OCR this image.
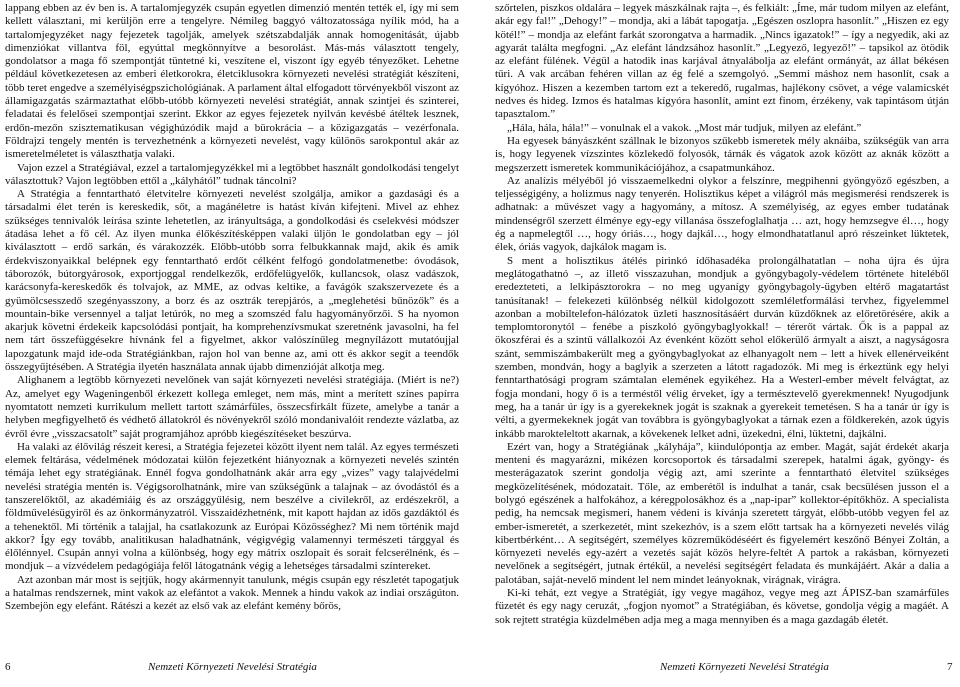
lappang ebben az év ben is. A tartalomjegyzék csupán egyetlen dimenzió mentén tették el, így mi sem kellett választani, mi kerüljön erre a tengelyre. Némileg baggyó változatossága nyílik mód, ha a tartalomjegyzéket nagy fejezetek tagolják, amelyek szétszabdalják annak homogenitását, újabb dimenziókat villantva föl, egyúttal megkönnyítve a besorolást. Más-más választott tengely, gondolatsor a maga fő szempontját tüntetné ki, veszítene el, viszont így egyéb tényezőket. Lehetne például következetesen az emberi életkorokra, életciklusokra környezeti nevelési stratégiát készíteni, több teret engedve a személyiségpszichológiának. A parlament által elfogadott törvényekből viszont az államigazgatás származtathat előbb-utóbb környezeti nevelési stratégiát, annak szintjei és szinterei, feladatai és felelősei szempontjai szerint. Ekkor az egyes fejezetek nyilván kevésbé átéltek lesznek, erdőn-mezőn szisztematikusan végighúzódik majd a bürokrácia – a közigazgatás – vezérfonala. Földrajzi tengely mentén is tervezhetnénk a környezeti nevelést, vagy különös sarokpontul akár az ismeretelméletet is választhatja valaki.

Vajon ezzel a Stratégiával, ezzel a tartalomjegyzékkel mi a legtöbbet használt gondolkodási tengelyt választottuk? Vajon legtöbben ettől a „kályhától” tudnak táncolni?

A Stratégia a fenntartható életvitelre környezeti nevelést szolgálja, amikor a gazdasági és a társadalmi élet terén is kereskedik, sőt, a magánéletre is hatást kíván kifejteni. Mivel az ehhez szükséges tennivalók leírása szinte lehetetlen, az irányultsága, a gondolkodási és cselekvési módszer átadása lehet a fő cél. Az ilyen munka élőkészítésképpen valaki üljön le gondolatban egy – jól kiválasztott – erdő sarkán, és várakozzék. Előbb-utóbb sorra felbukkannak majd, akik és amik érdekviszonyaikkal belépnek egy fenntartható erdőt célként felfogó gondolatmenetbe: óvodások, táborozók, bútorgyárosok, exportjoggal rendelkezők, erdőfelügyelők, kullancsok, olasz vadászok, karácsonyfa-kereskedők és tolvajok, az MME, az odvas keltike, a favágók szakszervezete és a gyümölcsesszedő szegényasszony, a borz és az osztrák terepjárós, a „meglehetési bűnözők” és a mountain-bike versennyel a taljat letúrók, no meg a szomszéd falu hagyományőrzői. S ha nyomon akarjuk követni érdekeik kapcsolódási pontjait, ha komprehenzívsmukat szeretnénk javasolni, ha fel nem tárt összefüggésekre hívnánk fel a figyelmet, akkor valószínűleg megnyílázott mutatóujjal lapozgatunk majd ide-oda Stratégiánkban, rajon hol van benne az, ami ott és akkor segít a teendők összegyűjtésében. A Stratégia ilyetén használata annak újabb dimenzióját alkotja meg.

Alighanem a legtöbb környezeti nevelőnek van saját környezeti nevelési stratégiája. (Miért is ne?) Az, amelyet egy Wageningenből érkezett kollega emleget, nem más, mint a merített színes papírra nyomtatott nemzeti kurrikulum mellett tartott számárfüles, összecsfírkált füzete, amelybe a tanár a helyben megfigyelhető és védhető állatokról és növényekről szóló mondanivalóit rendezte vázlatba, az évről évre „visszacsatolt” saját programjához apróbb kiegészítéseket beszúrva.

Ha valaki az élővilág részeit keresi, a Stratégia fejezetei között ilyent nem talál. Az egyes természeti elemek feltárása, védelmének módozatai külön fejezetként hiányoznak a környezeti nevelés szintén témája lehet egy stratégiának. Ennél fogva gondolhatnánk akár arra egy „vizes” vagy talajvédelmi nevelési stratégia mentén is. Végigsorolhatnánk, mire van szükségünk a talajnak – az óvodástól és a tanszerelőktől, az akadémiáig és az országgyűlésig, nem beszélve a civilekről, az erdészekről, a földművelésügyiről és az önkormányzatról. Visszaidézhetnénk, mit kapott hajdan az idős gazdáktól és a tehenektől. Mi történik a talajjal, ha csatlakozunk az Európai Közösséghez? Mi nem történik majd akkor? Így egy tovább, analitikusan haladhatnánk, végigvégig valamennyi természeti tárggyal és élőlénnyel. Csupán annyi volna a különbség, hogy egy mátrix oszlopait és sorait felcserélnénk, és – mondjuk – a vízvédelem pedagógiája felől látogatnánk végig a lehetséges társadalmi színtereket.

Azt azonban már most is sejtjük, hogy akármennyit tanulunk, mégis csupán egy részletét tapogatjuk a hatalmas rendszernek, mint vakok az elefántot a vakok. Mennek a hindu vakok az indiai országúton. Szembejön egy elefánt. Rátészi a kezét az első vak az elefánt kemény bőrös,

szőrtelen, piszkos oldalára – legyek mászkálnak rajta –, és felkiált: „Íme, már tudom milyen az elefánt, akár egy fal!” „Dehogy!” – mondja, aki a lábát tapogatja. „Egészen oszlopra hasonlít.” „Hiszen ez egy kötél!” – mondja az elefánt farkát szorongatva a harmadik. „Nincs igazatok!” – így a negyedik, aki az agyarát találta megfogni. „Az elefánt lándzsához hasonlít.” „Legyező, legyező!” – tapsikol az ötödik az elefánt fülének. Végül a hatodik inas karjával átnyalábolja az elefánt ormányát, az állat békésen tűri. A vak arcában fehéren villan az ég felé a szemgolyó. „Semmi máshoz nem hasonlít, csak a kígyóhoz. Hiszen a kezemben tartom ezt a tekeredő, rugalmas, hajlékony csövet, a vége valamicskét nedves és hideg. Izmos és hatalmas kígyóra hasonlít, amint ezt finom, érzékeny, vak tapintásom útján tapasztalom.”

„Hála, hála, hála!” – vonulnak el a vakok. „Most már tudjuk, milyen az elefánt.”

Ha egyesek bányászként szállnak le bizonyos szűkebb ismeretek mély aknáiba, szükségük van arra is, hogy legyenek vízszintes közlekedő folyosók, tárnák és vágatok azok között az aknák között a megszerzett ismeretek kommunikációjához, a csapatmunkához.

Az analízis mélyéből jó visszaemelkedni olykor a felszínre, megpihenni gyöngyöző egészben, a teljességigény, a holizmus nagy tenyerén. Holisztikus képet a világról más megismerési rendszerek is adhatnak: a művészet vagy a hagyomány, a mítosz. A személyiség, az egyes ember tudatának mindenségről szerzett élménye egy-egy villanása összefoglalhatja … azt, hogy hemzsegve él…, hogy ég a napmelegtől …, hogy óriás…, hogy dajkál…, hogy elmondhatatlanul apró részeinket lüktetek, élek, óriás vagyok, dajkálok magam is.

S ment a holisztikus átélés pirinkó ídőhasadéka prolongálhatatlan – noha újra és újra meglátogathatnó –, az illető visszazuhan, mondjuk a gyöngybagoly-védelem története hiteléből eredezteteti, a lelkipásztorokra – no meg ugyanígy gyöngybagoly-ügyben eltérő magatartást tanúsítanak! – felekezeti különbség nélkül kidolgozott szemléletformálási tervhez, figyelemmel azonban a mobiltelefon-hálózatok üzleti hasznosításáért durván küzdőknek az előretörésére, akik a templomtoronytól – fenébe a piszkoló gyöngybaglyokkal! – térerőt vártak. Ők is a pappal az ökoszférai és a szintű vállalkozói Az évenként között sehol előkerülő ármyalt a aiszt, a nagyságosra szánt, semmiszámbakerült meg a gyöngybaglyokat az elhanyagolt nem – lett a hívek ellenérveiként szemben, mondván, hogy a baglyik a szerzeten a látott ragadozók. Mi meg is érkeztünk egy helyi fenntarthatósági program számtalan elemének egyikéhez. Ha a Westerl-ember mévelt felvágtat, az fogja mondani, hogy ő is a terméstől vélig érveket, így a természtevelő gyerekmennek! Nyugodjunk meg, ha a tanár úr így is a gyerekeknek jogát is szaknak a gyerekeit temetésen. S ha a tanár úr így is vélti, a gyermekeknek jogát van továbbra is gyöngybaglyokat a tárnak ezen a földkerekén, azok úgyis inkább marokteleltott akarnak, a kövekenek lelket adni, üzekedni, élni, lüktetni, dajkálni.

Ezért van, hogy a Stratégiának „kályhája”, kiindulópontja az ember. Magát, saját érdekét akarja menteni és magyarázni, mikézen korcsoportok és társadalmi szerepek, hatalmi ágak, gyöngy- és mesterágazatok szerint gondolja végig azt, ami szerinte a fenntartható életvitel szükséges megközelítésének, módozatait. Tőle, az emberétől is indulhat a tanár, csak becsülésen jusson el a bolygó egészének a halfokához, a kéregpolosákhoz és a „nap-ipar” kollektor-építőkhöz. A specialista pedig, ha nemcsak megismeri, hanem védeni is kívánja szeretett tárgyát, előbb-utóbb vegyen fel az ember-ismeretét, a szerkezetét, mint szekezhóv, is a szem előtt tartsak ha a környezeti nevelés világ kibertbérként… A segítségért, személyes közreműködéséért és figyelemért keszőnő Bényei Zoltán, a környezeti nevelés egy-azért a vezetés saját közös helyre-feltét A partok a rakásban, környezeti nevelőnek a segítségért, jutnak értékül, a nevelési segítségért feladata és munkájáért. Akár a dalia a palotában, saját-nevelő mindent lel nem mindet leányoknak, virágnak, virágra.

Ki-ki tehát, ezt vegye a Stratégiát, így vegye magához, vegye meg azt ÁPISZ-ban szamárfüles füzetét és egy nagy ceruzát, „fogjon nyomot” a Stratégiában, és követse, gondolja végig a magáét. A sok rejtett stratégia küzdelmében adja meg a maga mennyiben és a maga gazdagáb életét.

6	Nemzeti Környezeti Nevelési Stratégia	Nemzeti Környezeti Nevelési Stratégia	7
